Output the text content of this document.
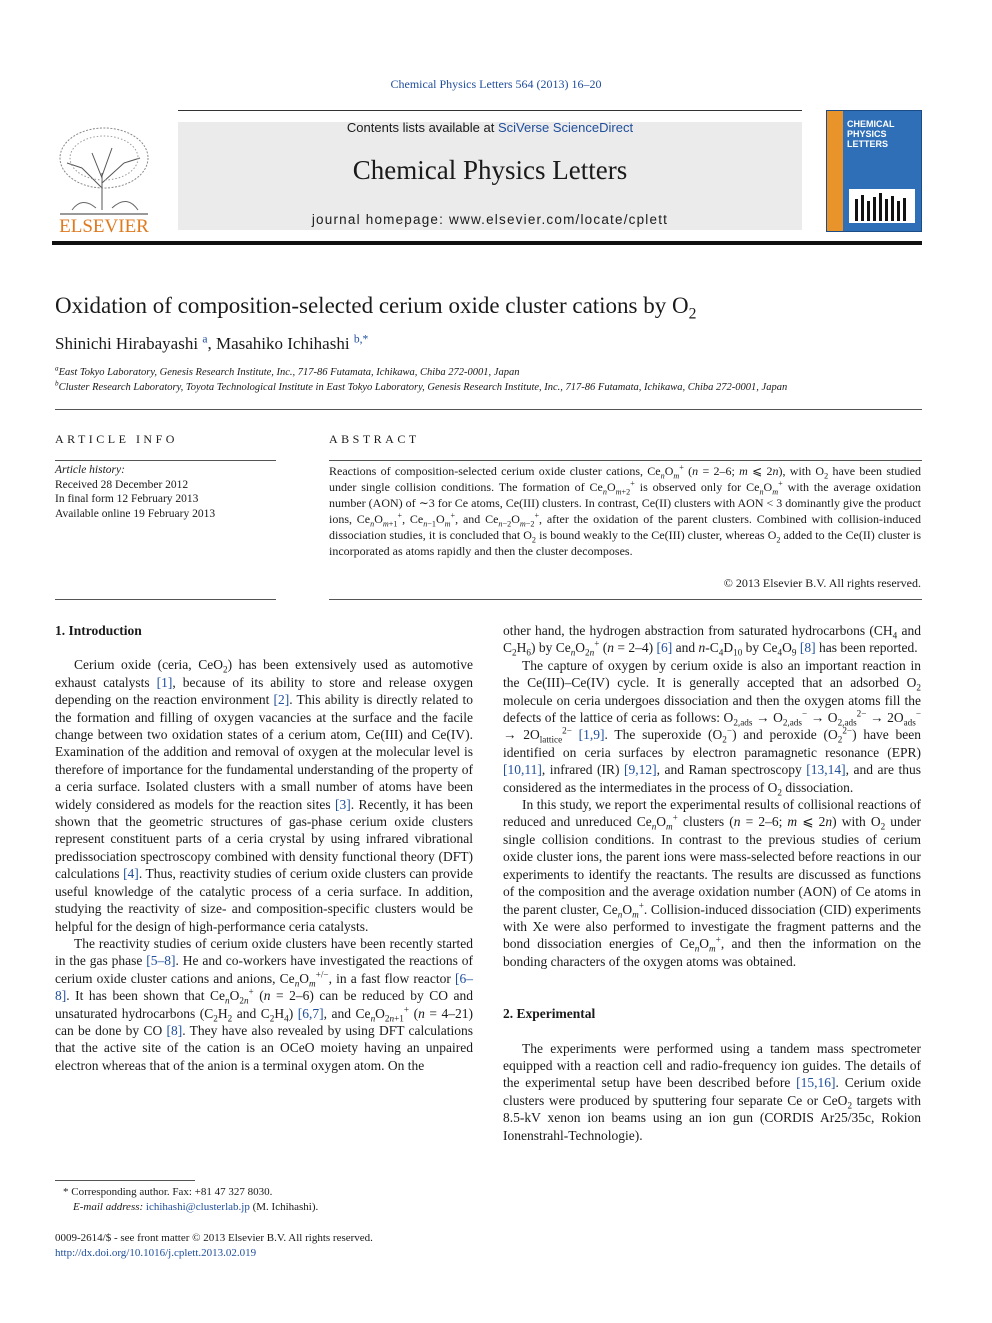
Chemical Physics Letters 564 (2013) 16–20
ELSEVIER
Contents lists available at SciVerse ScienceDirect
Chemical Physics Letters
journal homepage: www.elsevier.com/locate/cplett
CHEMICAL
PHYSICS
LETTERS
Oxidation of composition-selected cerium oxide cluster cations by $O_2$
Shinichi Hirabayashi $^a$, Masahiko Ichihashi $^{b,*}$
$^a$East Tokyo Laboratory, Genesis Research Institute, Inc., 717-86 Futamata, Ichikawa, Chiba 272-0001, Japan
$^b$Cluster Research Laboratory, Toyota Technological Institute in East Tokyo Laboratory, Genesis Research Institute, Inc., 717-86 Futamata, Ichikawa, Chiba 272-0001, Japan
ARTICLE INFO	ABSTRACT
Article history:
Received 28 December 2012
In final form 12 February 2013
Available online 19 February 2013
Reactions of composition-selected cerium oxide cluster cations, $Ce_nO_m^+$ (n = 2–6; m ⩽ 2n), with $O_2$ have been studied under single collision conditions. The formation of $Ce_nO_{m+2}^+$ is observed only for $Ce_nO_m^+$ with the average oxidation number (AON) of ∼3 for Ce atoms, Ce(III) clusters. In contrast, Ce(II) clusters with AON < 3 dominantly give the product ions, $Ce_nO_{m+1}^+$, $Ce_{n-1}O_m^+$, and $Ce_{n-2}O_{m-2}^+$, after the oxidation of the parent clusters. Combined with collision-induced dissociation studies, it is concluded that $O_2$ is bound weakly to the Ce(III) cluster, whereas $O_2$ added to the Ce(II) cluster is incorporated as atoms rapidly and then the cluster decomposes.
© 2013 Elsevier B.V. All rights reserved.
1. Introduction

Cerium oxide (ceria, CeO$_2$) has been extensively used as automotive exhaust catalysts [1], because of its ability to store and release oxygen depending on the reaction environment [2]. This ability is directly related to the formation and filling of oxygen vacancies at the surface and the facile change between two oxidation states of a cerium atom, Ce(III) and Ce(IV). Examination of the addition and removal of oxygen at the molecular level is therefore of importance for the fundamental understanding of the property of a ceria surface. Isolated clusters with a small number of atoms have been widely considered as models for the reaction sites [3]. Recently, it has been shown that the geometric structures of gas-phase cerium oxide clusters represent constituent parts of a ceria crystal by using infrared vibrational predissociation spectroscopy combined with density functional theory (DFT) calculations [4]. Thus, reactivity studies of cerium oxide clusters can provide useful knowledge of the catalytic process of a ceria surface. In addition, studying the reactivity of size- and composition-specific clusters would be helpful for the design of high-performance ceria catalysts.

The reactivity studies of cerium oxide clusters have been recently started in the gas phase [5–8]. He and co-workers have investigated the reactions of cerium oxide cluster cations and anions, $Ce_nO_m^{+/-}$, in a fast flow reactor [6–8]. It has been shown that $Ce_nO_{2n}^+$ (n = 2–6) can be reduced by CO and unsaturated hydrocarbons ($C_2H_2$ and $C_2H_4$) [6,7], and $Ce_nO_{2n+1}^+$ (n = 4–21) can be done by CO [8]. They have also revealed by using DFT calculations that the active site of the cation is an OCeO moiety having an unpaired electron whereas that of the anion is a terminal oxygen atom. On the

other hand, the hydrogen abstraction from saturated hydrocarbons ($CH_4$ and $C_2H_6$) by $Ce_nO_{2n}^+$ (n = 2–4) [6] and $n-C_4D_{10}$ by $Ce_4O_9$ [8] has been reported.

The capture of oxygen by cerium oxide is also an important reaction in the Ce(III)–Ce(IV) cycle. It is generally accepted that an adsorbed $O_2$ molecule on ceria undergoes dissociation and then the oxygen atoms fill the defects of the lattice of ceria as follows: $O_{2,ads} \to O_{2,ads}^- \to O_{2,ads}^{2-} \to 2O_{ads}^- \to 2O_{lattice}^{2-}$ [1,9]. The superoxide $(O_2^-)$ and peroxide $(O_2^{2-})$ have been identified on ceria surfaces by electron paramagnetic resonance (EPR) [10,11], infrared (IR) [9,12], and Raman spectroscopy [13,14], and are thus considered as the intermediates in the process of $O_2$ dissociation.

In this study, we report the experimental results of collisional reactions of reduced and unreduced $Ce_nO_m^+$ clusters (n = 2–6; m ⩽ 2n) with $O_2$ under single collision conditions. In contrast to the previous studies of cerium oxide cluster ions, the parent ions were mass-selected before reactions in our experiments to identify the reactants. The results are discussed as functions of the composition and the average oxidation number (AON) of Ce atoms in the parent cluster, $Ce_nO_m^+$. Collision-induced dissociation (CID) experiments with Xe were also performed to investigate the fragment patterns and the bond dissociation energies of $Ce_nO_m^+$, and then the information on the bonding characters of the oxygen atoms was obtained.

2. Experimental

The experiments were performed using a tandem mass spectrometer equipped with a reaction cell and radio-frequency ion guides. The details of the experimental setup have been described before [15,16]. Cerium oxide clusters were produced by sputtering four separate Ce or CeO$_2$ targets with 8.5-kV xenon ion beams using an ion gun (CORDIS Ar25/35c, Rokion Ionenstrahl-Technologie).

* Corresponding author. Fax: +81 47 327 8030.
E-mail address: ichihashi@clusterlab.jp (M. Ichihashi).
0009-2614/$ - see front matter © 2013 Elsevier B.V. All rights reserved.
http://dx.doi.org/10.1016/j.cplett.2013.02.019
